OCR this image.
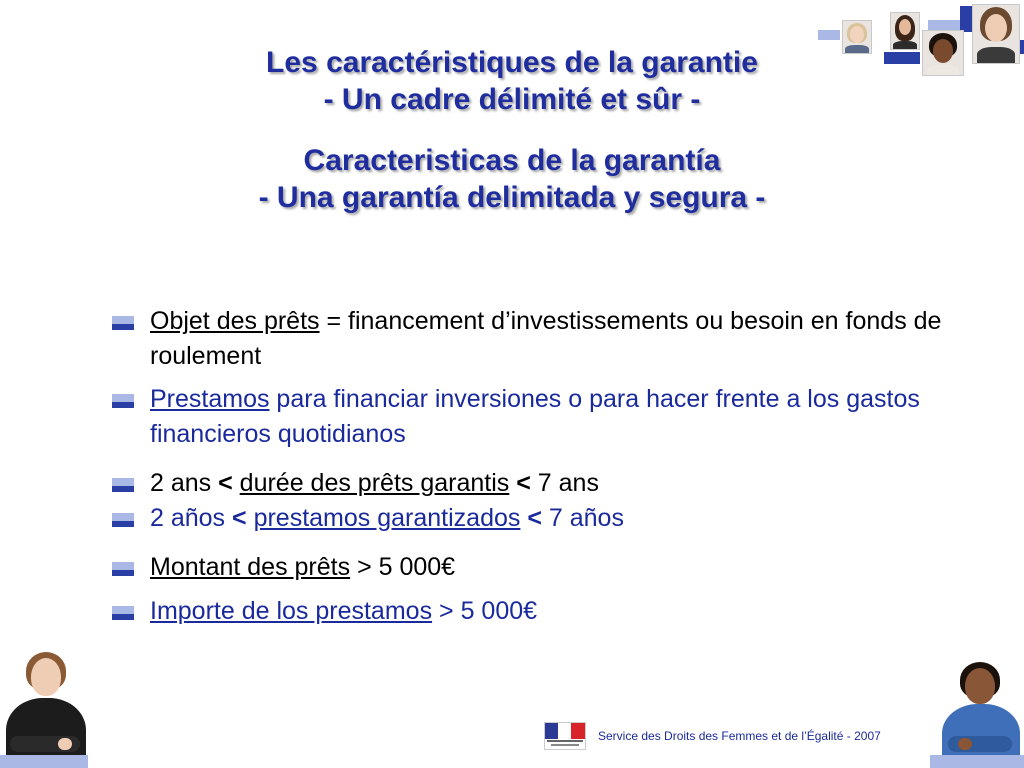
Les caractéristiques de la garantie
- Un cadre délimité et sûr -
Caracteristicas de la garantía
- Una garantía delimitada y segura -
Objet des prêts = financement d’investissements ou besoin en fonds de roulement
Prestamos para financiar inversiones o para hacer frente a los gastos financieros quotidianos
2 ans < durée des prêts garantis < 7 ans
2 años < prestamos garantizados < 7 años
Montant des prêts > 5 000€
Importe de los prestamos > 5 000€
Service des Droits des Femmes et de l’Égalité - 2007
